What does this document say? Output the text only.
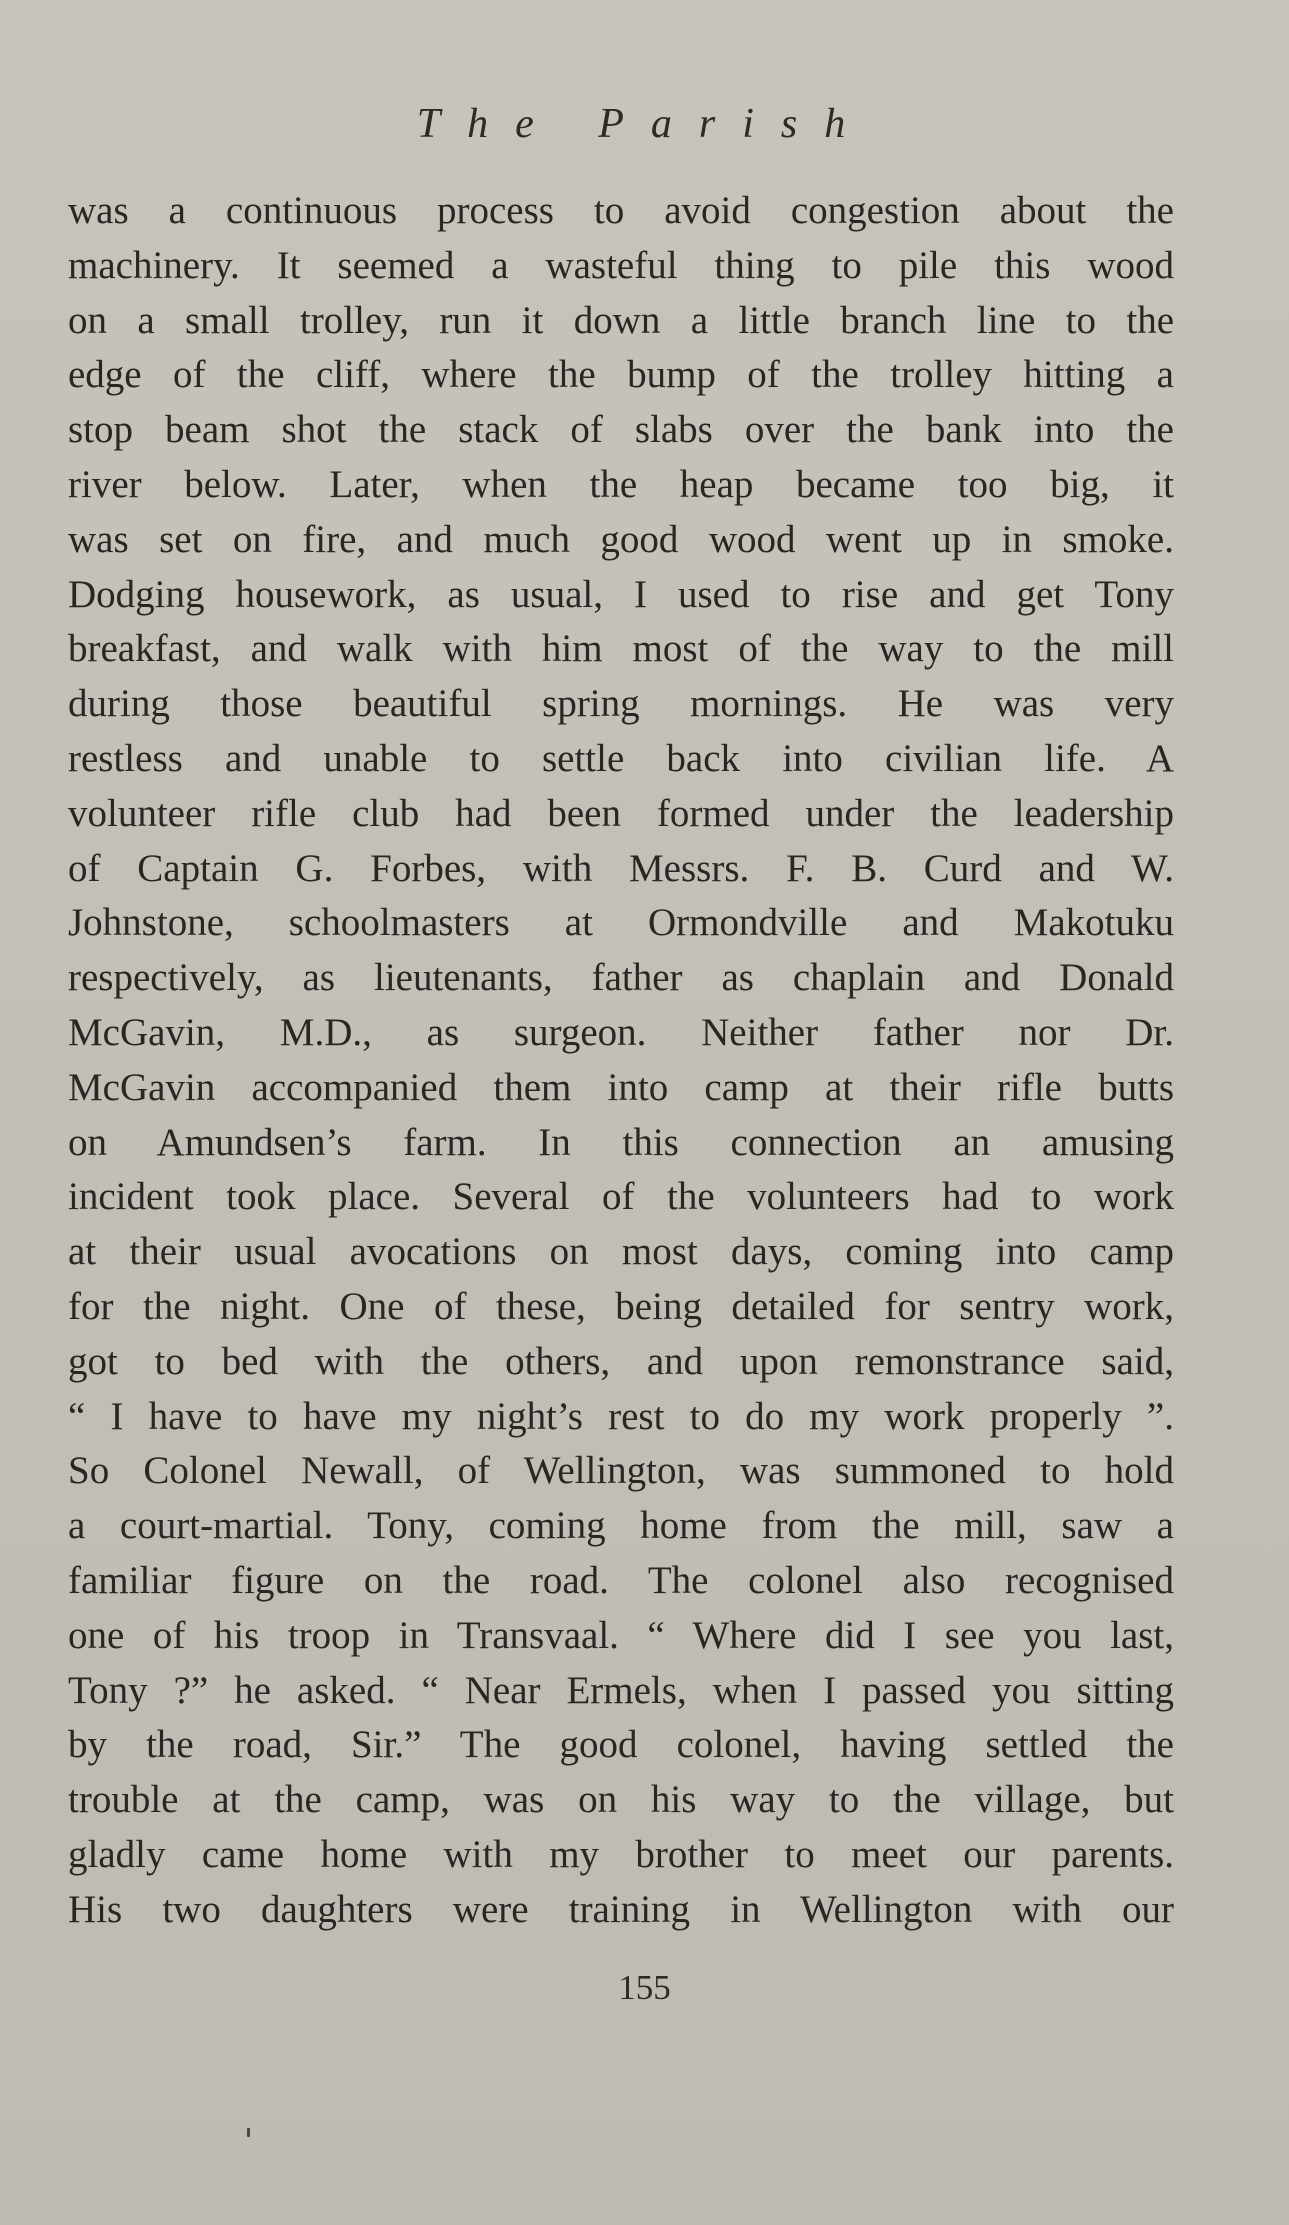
The Parish
was a continuous process to avoid congestion about the
machinery. It seemed a wasteful thing to pile this wood
on a small trolley, run it down a little branch line to the
edge of the cliff, where the bump of the trolley hitting a
stop beam shot the stack of slabs over the bank into the
river below. Later, when the heap became too big, it
was set on fire, and much good wood went up in smoke.
Dodging housework, as usual, I used to rise and get Tony
breakfast, and walk with him most of the way to the mill
during those beautiful spring mornings. He was very
restless and unable to settle back into civilian life. A
volunteer rifle club had been formed under the leadership
of Captain G. Forbes, with Messrs. F. B. Curd and W.
Johnstone, schoolmasters at Ormondville and Makotuku
respectively, as lieutenants, father as chaplain and Donald
McGavin, M.D., as surgeon. Neither father nor Dr.
McGavin accompanied them into camp at their rifle butts
on Amundsen’s farm. In this connection an amusing
incident took place. Several of the volunteers had to work
at their usual avocations on most days, coming into camp
for the night. One of these, being detailed for sentry work,
got to bed with the others, and upon remonstrance said,
“ I have to have my night’s rest to do my work properly ”.
So Colonel Newall, of Wellington, was summoned to hold
a court-martial. Tony, coming home from the mill, saw a
familiar figure on the road. The colonel also recognised
one of his troop in Transvaal. “ Where did I see you last,
Tony ?” he asked. “ Near Ermels, when I passed you sitting
by the road, Sir.” The good colonel, having settled the
trouble at the camp, was on his way to the village, but
gladly came home with my brother to meet our parents.
His two daughters were training in Wellington with our
155
